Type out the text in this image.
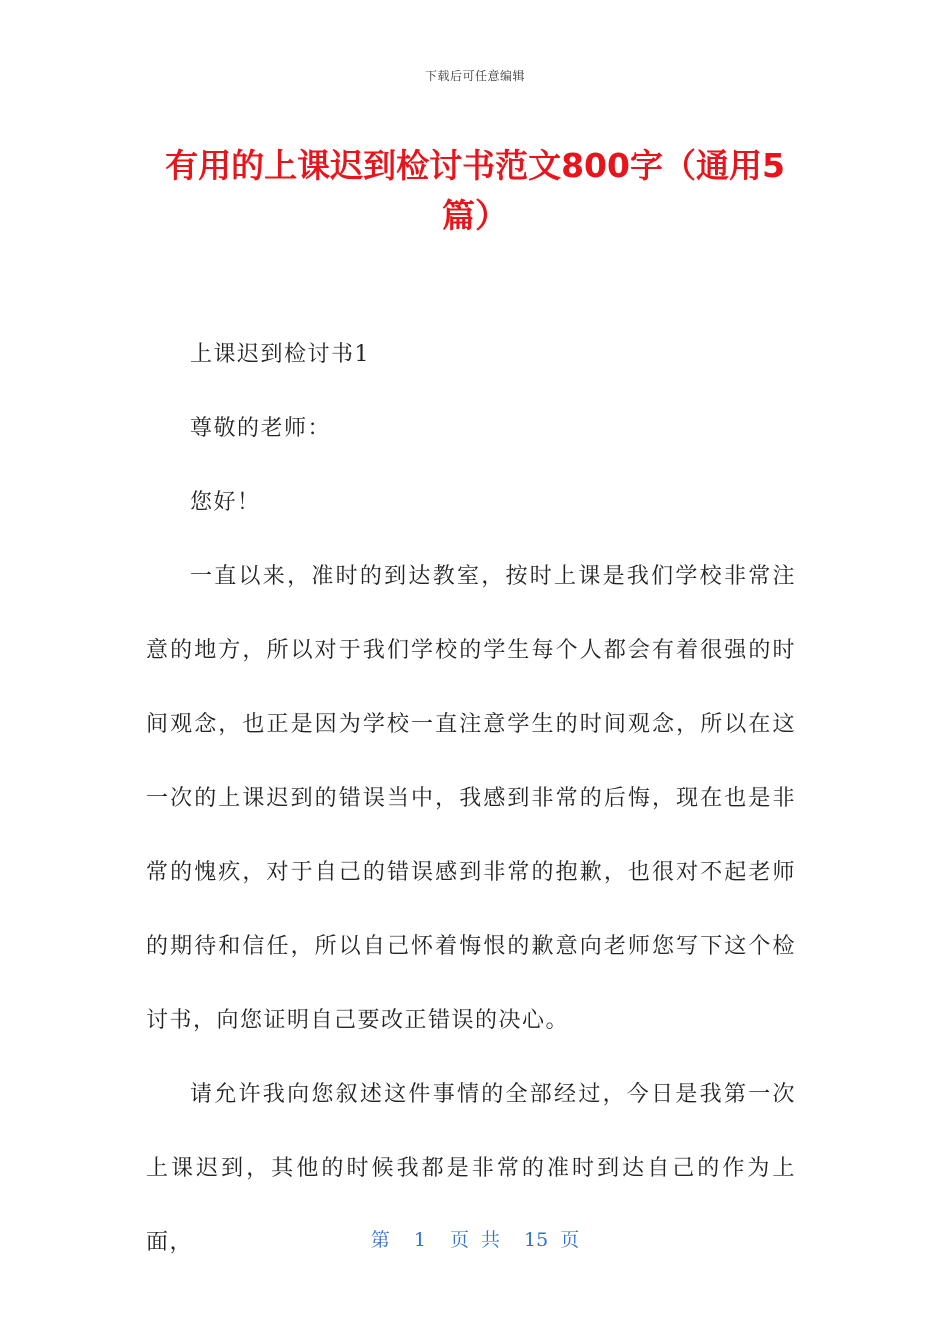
下载后可任意编辑
有用的上课迟到检讨书范文800字（通用5篇）

上课迟到检讨书1

尊敬的老师：

您好！

一直以来，准时的到达教室，按时上课是我们学校非常注意的地方，所以对于我们学校的学生每个人都会有着很强的时间观念，也正是因为学校一直注意学生的时间观念，所以在这一次的上课迟到的错误当中，我感到非常的后悔，现在也是非常的愧疚，对于自己的错误感到非常的抱歉，也很对不起老师的期待和信任，所以自己怀着悔恨的歉意向老师您写下这个检讨书，向您证明自己要改正错误的决心。

请允许我向您叙述这件事情的全部经过，今日是我第一次上课迟到，其他的时候我都是非常的准时到达自己的作为上面，	第 1 页 共 15 页
